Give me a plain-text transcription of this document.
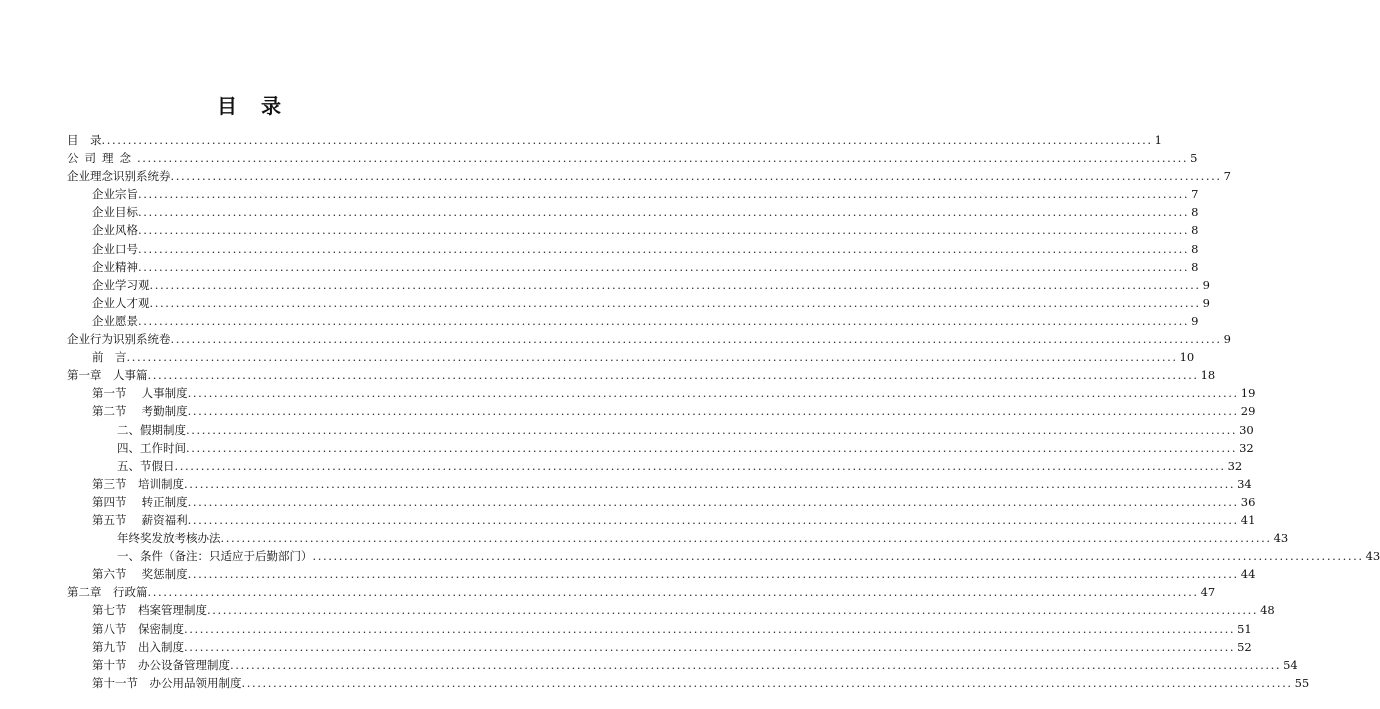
目　录
目　录 ........................................................................................................................................................................................................ 1
公司理念 ........................................................................................................................................................................................................ 5
企业理念识别系统券 ........................................................................................................................................................................................................ 7
企业宗旨 ........................................................................................................................................................................................................ 7
企业目标 ........................................................................................................................................................................................................ 8
企业风格 ........................................................................................................................................................................................................ 8
企业口号 ........................................................................................................................................................................................................ 8
企业精神 ........................................................................................................................................................................................................ 8
企业学习观 ........................................................................................................................................................................................................ 9
企业人才观 ........................................................................................................................................................................................................ 9
企业愿景 ........................................................................................................................................................................................................ 9
企业行为识别系统卷 ........................................................................................................................................................................................................ 9
前　言 ........................................................................................................................................................................................................ 10
第一章　人事篇 ........................................................................................................................................................................................................ 18
第一节　 人事制度 ........................................................................................................................................................................................................ 19
第二节　 考勤制度 ........................................................................................................................................................................................................ 29
二、假期制度 ........................................................................................................................................................................................................ 30
四、工作时间 ........................................................................................................................................................................................................ 32
五、节假日 ........................................................................................................................................................................................................ 32
第三节　培训制度 ........................................................................................................................................................................................................ 34
第四节　 转正制度 ........................................................................................................................................................................................................ 36
第五节　 薪资福利 ........................................................................................................................................................................................................ 41
年终奖发放考核办法 ........................................................................................................................................................................................................ 43
一、条件（备注：只适应于后勤部门） ........................................................................................................................................................................................................ 43
第六节　 奖惩制度 ........................................................................................................................................................................................................ 44
第二章　行政篇 ........................................................................................................................................................................................................ 47
第七节　档案管理制度 ........................................................................................................................................................................................................ 48
第八节　保密制度 ........................................................................................................................................................................................................ 51
第九节　出入制度 ........................................................................................................................................................................................................ 52
第十节　办公设备管理制度 ........................................................................................................................................................................................................ 54
第十一节　办公用品领用制度 ........................................................................................................................................................................................................ 55
